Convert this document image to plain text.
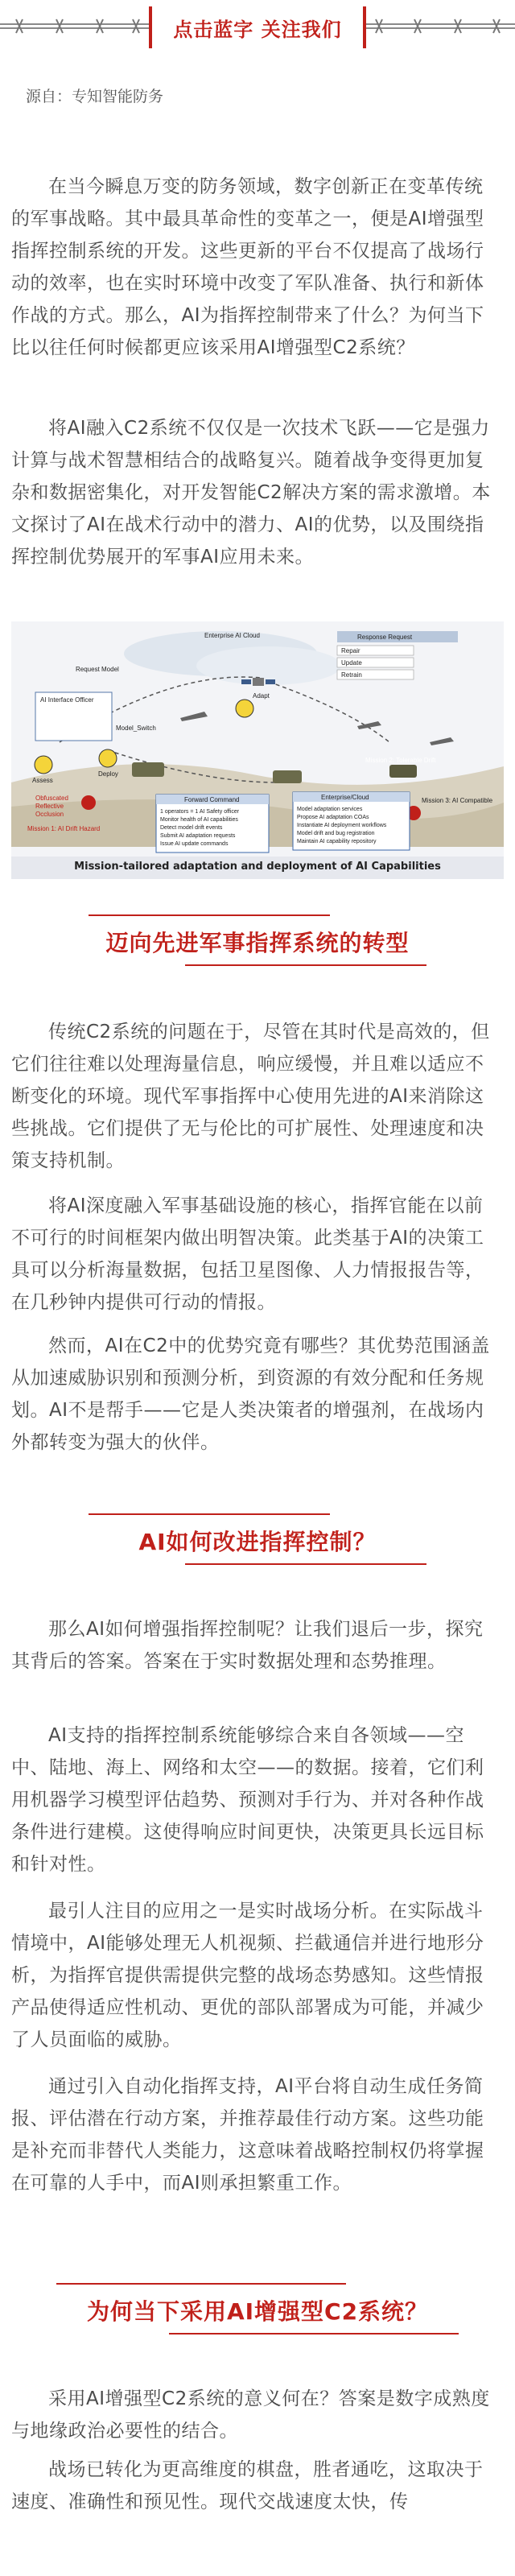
点击蓝字 关注我们
源自：专知智能防务

在当今瞬息万变的防务领域，数字创新正在变革传统的军事战略。其中最具革命性的变革之一，便是AI增强型指挥控制系统的开发。这些更新的平台不仅提高了战场行动的效率，也在实时环境中改变了军队准备、执行和新体作战的方式。那么，AI为指挥控制带来了什么？为何当下比以往任何时候都更应该采用AI增强型C2系统？

将AI融入C2系统不仅仅是一次技术飞跃——它是强力计算与战术智慧相结合的战略复兴。随着战争变得更加复杂和数据密集化，对开发智能C2解决方案的需求激增。本文探讨了AI在战术行动中的潜力、AI的优势，以及围绕指挥控制优势展开的军事AI应用未来。

Enterprise AI Cloud	Response Request
Repair
Update
Retrain
Request Model
Adapt
AI Interface Officer
Model_Switch
Assess
Deploy
Mission 1: AI Drift Hazard
Mission 2: Tolerable Drift
Mission 3: AI Compatible
Obfuscated
Reflective
Occlusion
Forward Command
1 operators = 1 AI Safety officer
Monitor health of AI capabilities
Detect model drift events
Submit AI adaptation requests
Issue AI update commands
Enterprise/Cloud
Model adaptation services
Propose AI adaptation COAs
Instantiate AI deployment workflows
Model drift and bug registration
Maintain AI capability repository
Mission-tailored adaptation and deployment of AI Capabilities
迈向先进军事指挥系统的转型

传统C2系统的问题在于，尽管在其时代是高效的，但它们往往难以处理海量信息，响应缓慢，并且难以适应不断变化的环境。现代军事指挥中心使用先进的AI来消除这些挑战。它们提供了无与伦比的可扩展性、处理速度和决策支持机制。

将AI深度融入军事基础设施的核心，指挥官能在以前不可行的时间框架内做出明智决策。此类基于AI的决策工具可以分析海量数据，包括卫星图像、人力情报报告等，在几秒钟内提供可行动的情报。

然而，AI在C2中的优势究竟有哪些？其优势范围涵盖从加速威胁识别和预测分析，到资源的有效分配和任务规划。AI不是帮手——它是人类决策者的增强剂，在战场内外都转变为强大的伙伴。

AI如何改进指挥控制？

那么AI如何增强指挥控制呢？让我们退后一步，探究其背后的答案。答案在于实时数据处理和态势推理。

AI支持的指挥控制系统能够综合来自各领域——空中、陆地、海上、网络和太空——的数据。接着，它们利用机器学习模型评估趋势、预测对手行为、并对各种作战条件进行建模。这使得响应时间更快，决策更具长远目标和针对性。

最引人注目的应用之一是实时战场分析。在实际战斗情境中，AI能够处理无人机视频、拦截通信并进行地形分析，为指挥官提供需提供完整的战场态势感知。这些情报产品使得适应性机动、更优的部队部署成为可能，并减少了人员面临的威胁。

通过引入自动化指挥支持，AI平台将自动生成任务简报、评估潜在行动方案，并推荐最佳行动方案。这些功能是补充而非替代人类能力，这意味着战略控制权仍将掌握在可靠的人手中，而AI则承担繁重工作。

为何当下采用AI增强型C2系统？

采用AI增强型C2系统的意义何在？答案是数字成熟度与地缘政治必要性的结合。

战场已转化为更高维度的棋盘，胜者通吃，这取决于速度、准确性和预见性。现代交战速度太快，传
